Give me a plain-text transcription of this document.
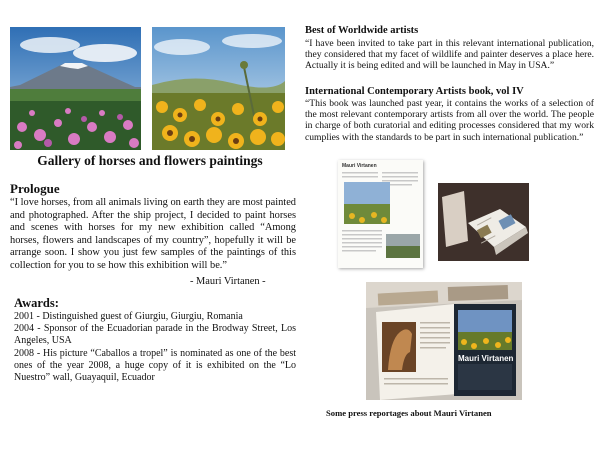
Gallery of horses and flowers paintings
Prologue
“I love horses, from all animals living on earth they are most painted and photographed. After the ship project, I decided to paint horses and scenes with horses for my new exhibition called “Among horses, flowers and landscapes of my country”, hopefully it will be arrange soon. I show you just few samples of the paintings of this collection for you to se how this exhibition will be.”
- Mauri Virtanen -
Awards:
2001 - Distinguished guest of Giurgiu, Giurgiu, Romania
2004 - Sponsor of the Ecuadorian parade in the Brodway Street, Los Angeles, USA
2008 - His picture “Caballos a tropel” is nominated as one of the best ones of the year 2008, a huge copy of it is exhibited on the “Lo Nuestro” wall, Guayaquil, Ecuador
Best of Worldwide artists
“I have been invited to take part in this relevant international publication, they considered that my facet of wildlife and painter deserves a place here. Actually it is being edited and will be launched in May in USA.”
International Contemporary Artists book, vol IV
“This book was launched past year, it contains the works of a selection of the most relevant contemporary artists from all over the world. The people in charge of both curatorial and editing processes considered that my work cumplies with the standards to be part in such international publication.”
Mauri Virtanen
Mauri Virtanen
Some press reportages about Mauri Virtanen
